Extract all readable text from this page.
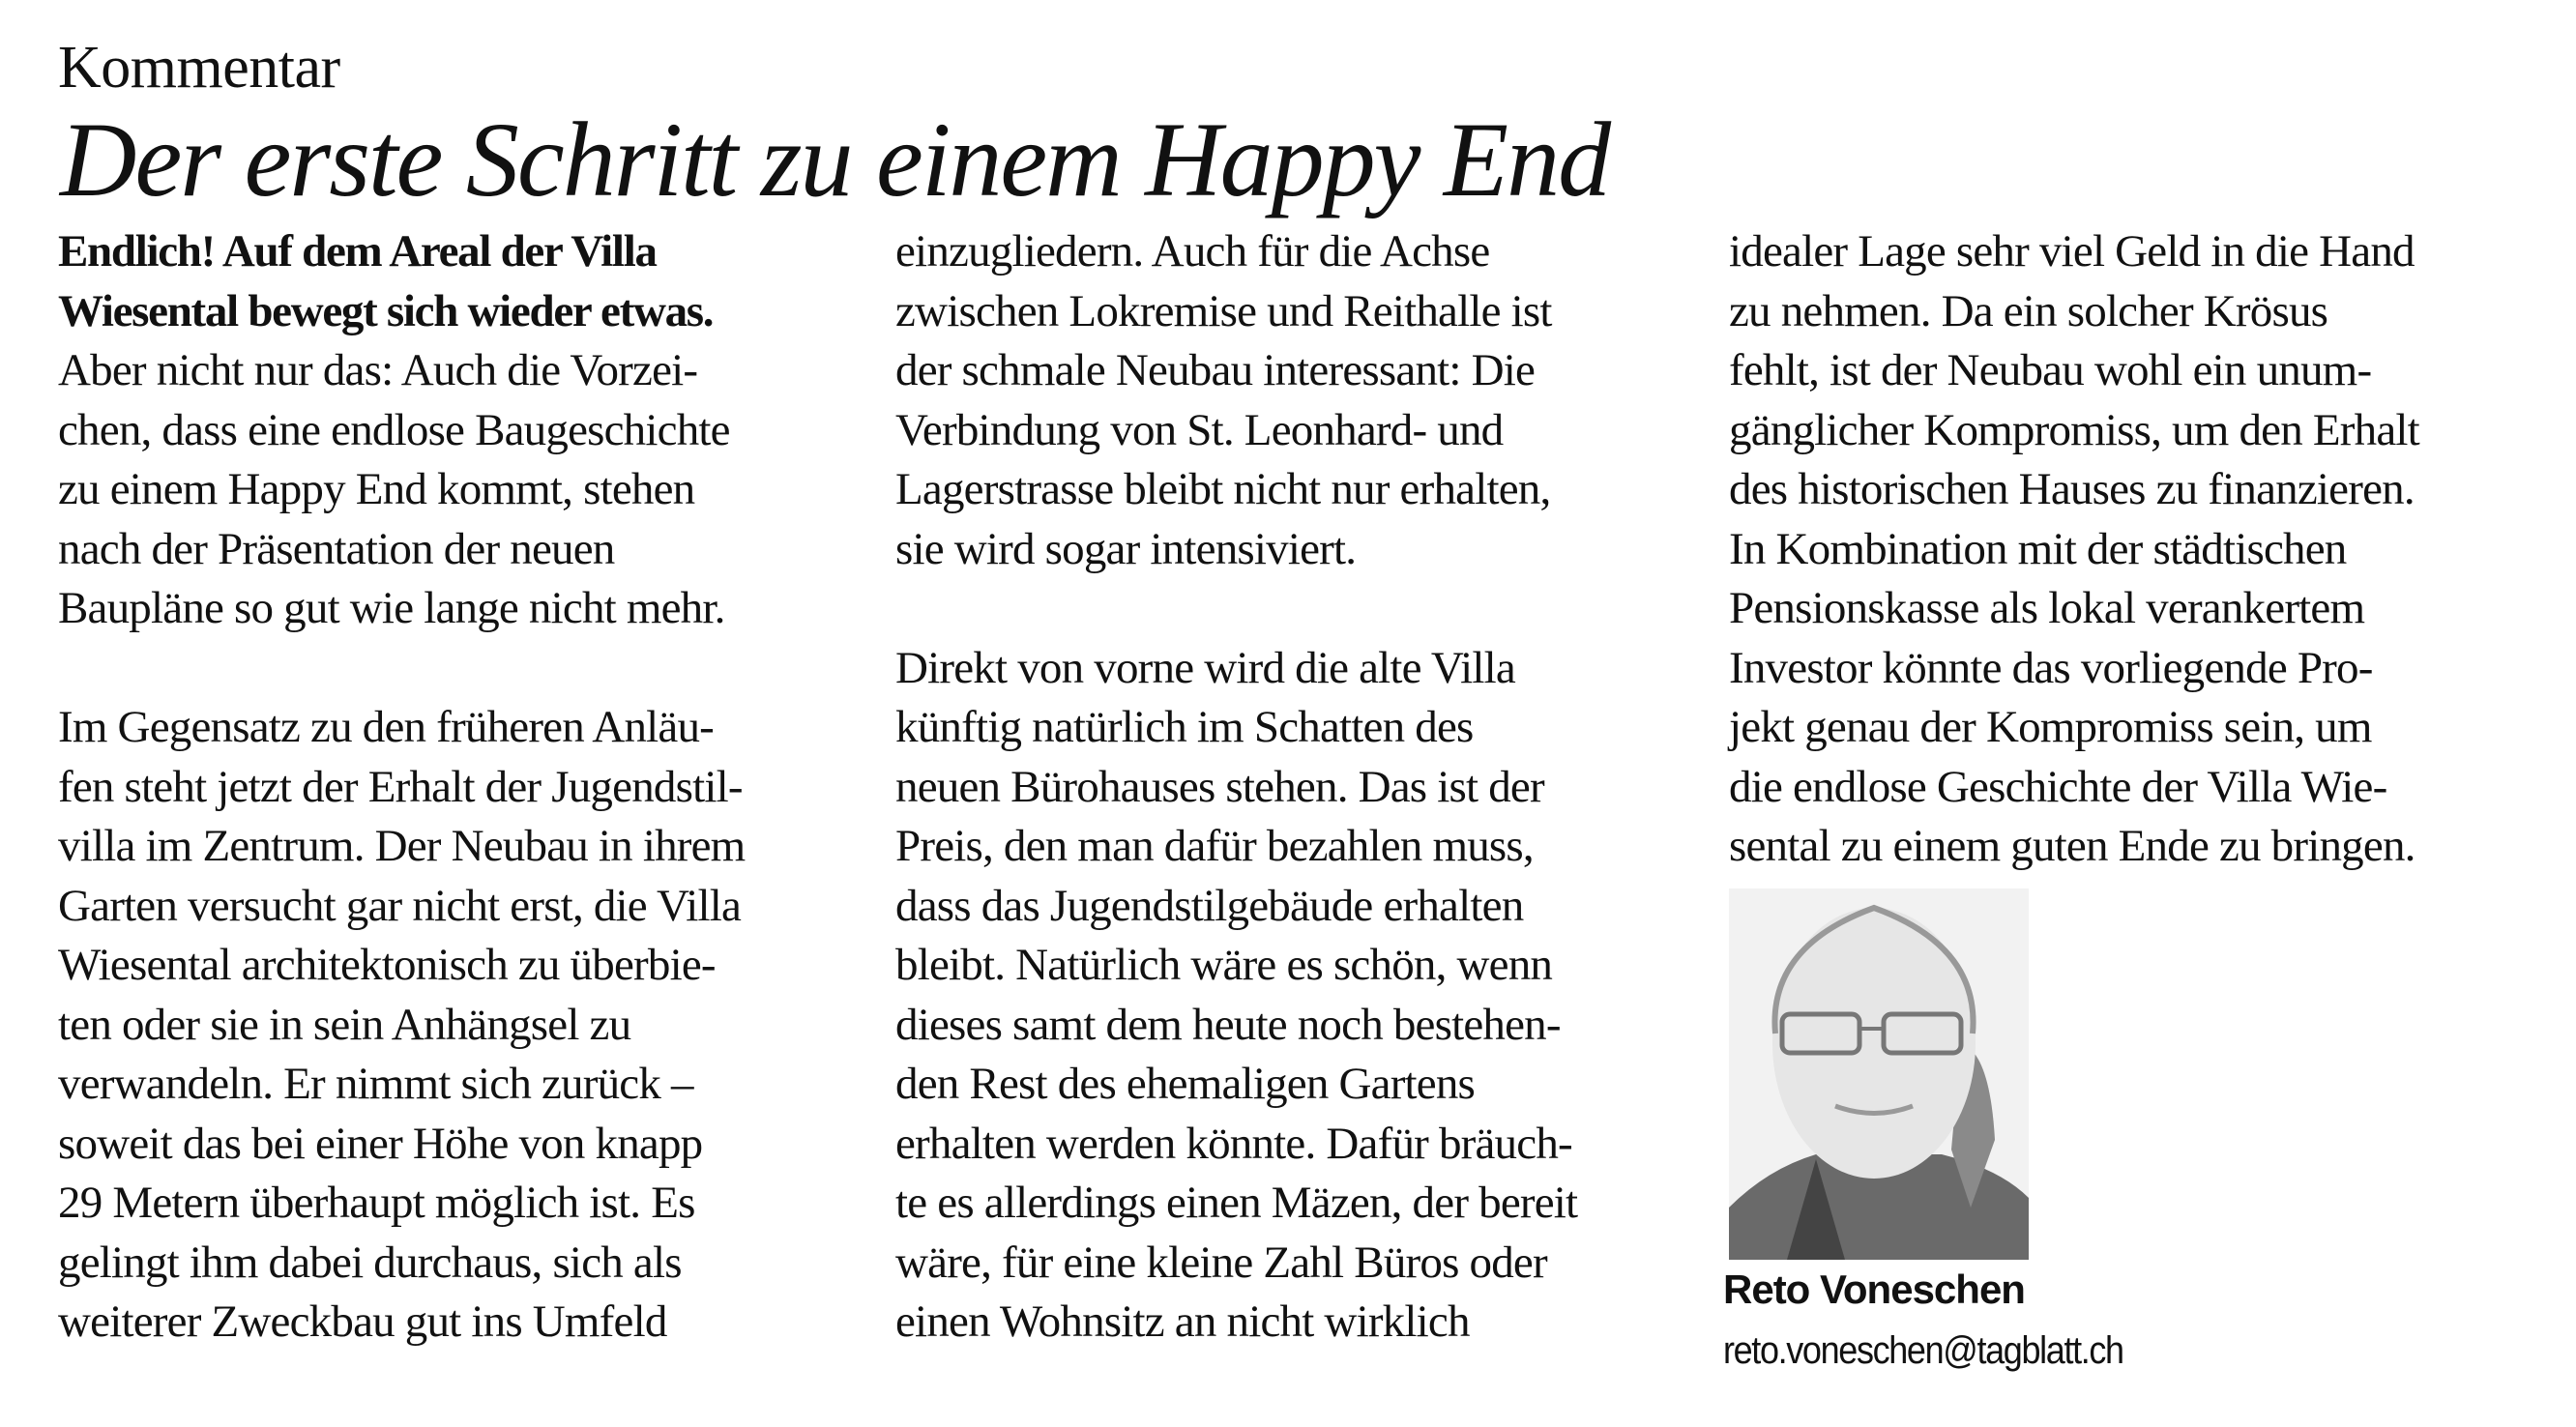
Kommentar
Der erste Schritt zu einem Happy End
Endlich! Auf dem Areal der Villa
Wiesental bewegt sich wieder etwas.
Aber nicht nur das: Auch die Vorzei-
chen, dass eine endlose Baugeschichte
zu einem Happy End kommt, stehen
nach der Präsentation der neuen
Baupläne so gut wie lange nicht mehr.
Im Gegensatz zu den früheren Anläu-
fen steht jetzt der Erhalt der Jugendstil-
villa im Zentrum. Der Neubau in ihrem
Garten versucht gar nicht erst, die Villa
Wiesental architektonisch zu überbie-
ten oder sie in sein Anhängsel zu
verwandeln. Er nimmt sich zurück –
soweit das bei einer Höhe von knapp
29 Metern überhaupt möglich ist. Es
gelingt ihm dabei durchaus, sich als
weiterer Zweckbau gut ins Umfeld
einzugliedern. Auch für die Achse
zwischen Lokremise und Reithalle ist
der schmale Neubau interessant: Die
Verbindung von St. Leonhard- und
Lagerstrasse bleibt nicht nur erhalten,
sie wird sogar intensiviert.
Direkt von vorne wird die alte Villa
künftig natürlich im Schatten des
neuen Bürohauses stehen. Das ist der
Preis, den man dafür bezahlen muss,
dass das Jugendstilgebäude erhalten
bleibt. Natürlich wäre es schön, wenn
dieses samt dem heute noch bestehen-
den Rest des ehemaligen Gartens
erhalten werden könnte. Dafür bräuch-
te es allerdings einen Mäzen, der bereit
wäre, für eine kleine Zahl Büros oder
einen Wohnsitz an nicht wirklich
idealer Lage sehr viel Geld in die Hand
zu nehmen. Da ein solcher Krösus
fehlt, ist der Neubau wohl ein unum-
gänglicher Kompromiss, um den Erhalt
des historischen Hauses zu finanzieren.
In Kombination mit der städtischen
Pensionskasse als lokal verankertem
Investor könnte das vorliegende Pro-
jekt genau der Kompromiss sein, um
die endlose Geschichte der Villa Wie-
sental zu einem guten Ende zu bringen.
Reto Voneschen
reto.voneschen@tagblatt.ch
